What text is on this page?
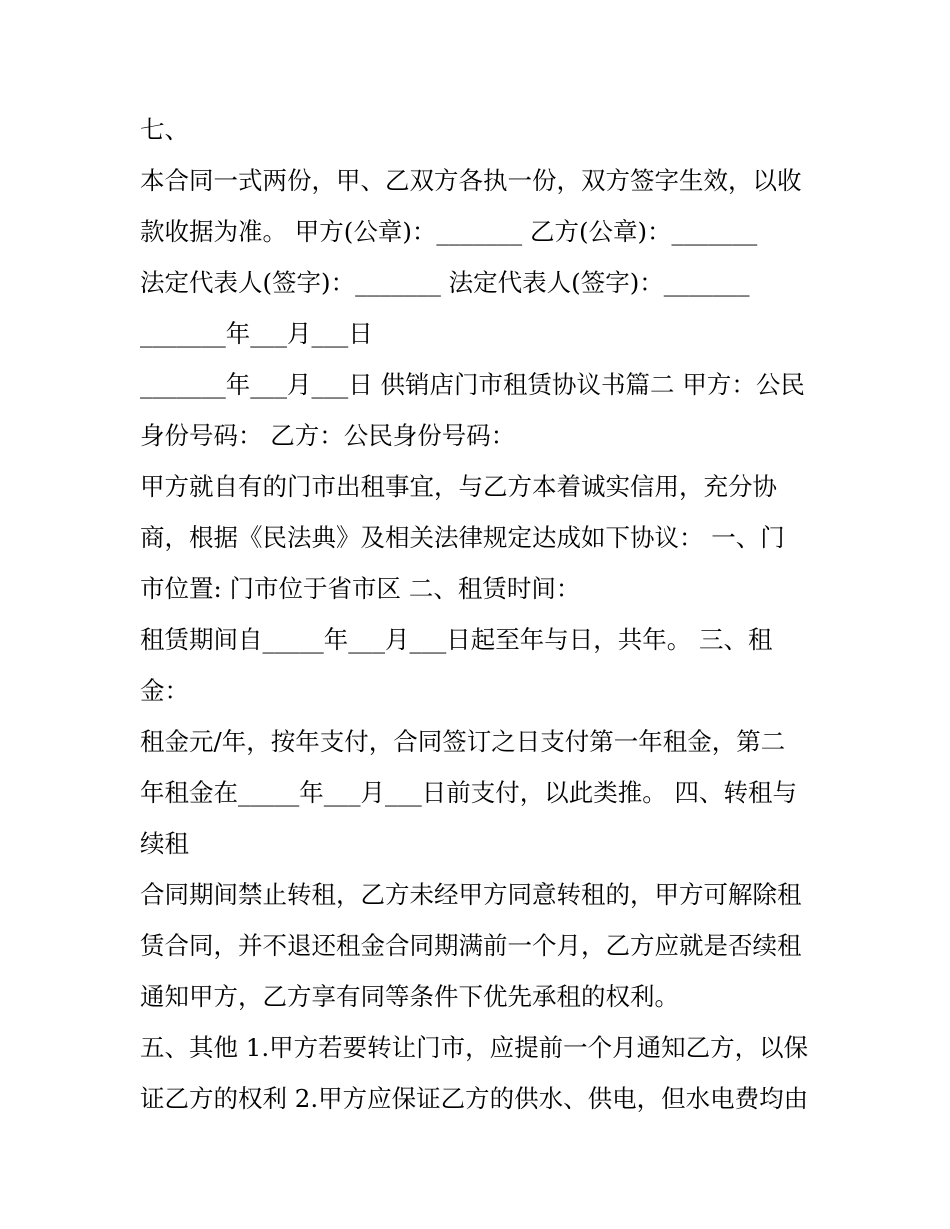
七、
本合同一式两份，甲、乙双方各执一份，双方签字生效，以收
款收据为准。 甲方(公章)：_______ 乙方(公章)：_______
法定代表人(签字)：_______ 法定代表人(签字)：_______
_______年___月___日
_______年___月___日 供销店门市租赁协议书篇二 甲方：公民
身份号码： 乙方：公民身份号码：
甲方就自有的门市出租事宜，与乙方本着诚实信用，充分协
商，根据《民法典》及相关法律规定达成如下协议： 一、门
市位置: 门市位于省市区 二、租赁时间：
租赁期间自_____年___月___日起至年与日，共年。 三、租
金：
租金元/年，按年支付，合同签订之日支付第一年租金，第二
年租金在_____年___月___日前支付，以此类推。 四、转租与
续租
合同期间禁止转租，乙方未经甲方同意转租的，甲方可解除租
赁合同，并不退还租金合同期满前一个月，乙方应就是否续租
通知甲方，乙方享有同等条件下优先承租的权利。
五、其他 1.甲方若要转让门市，应提前一个月通知乙方，以保
证乙方的权利 2.甲方应保证乙方的供水、供电，但水电费均由
